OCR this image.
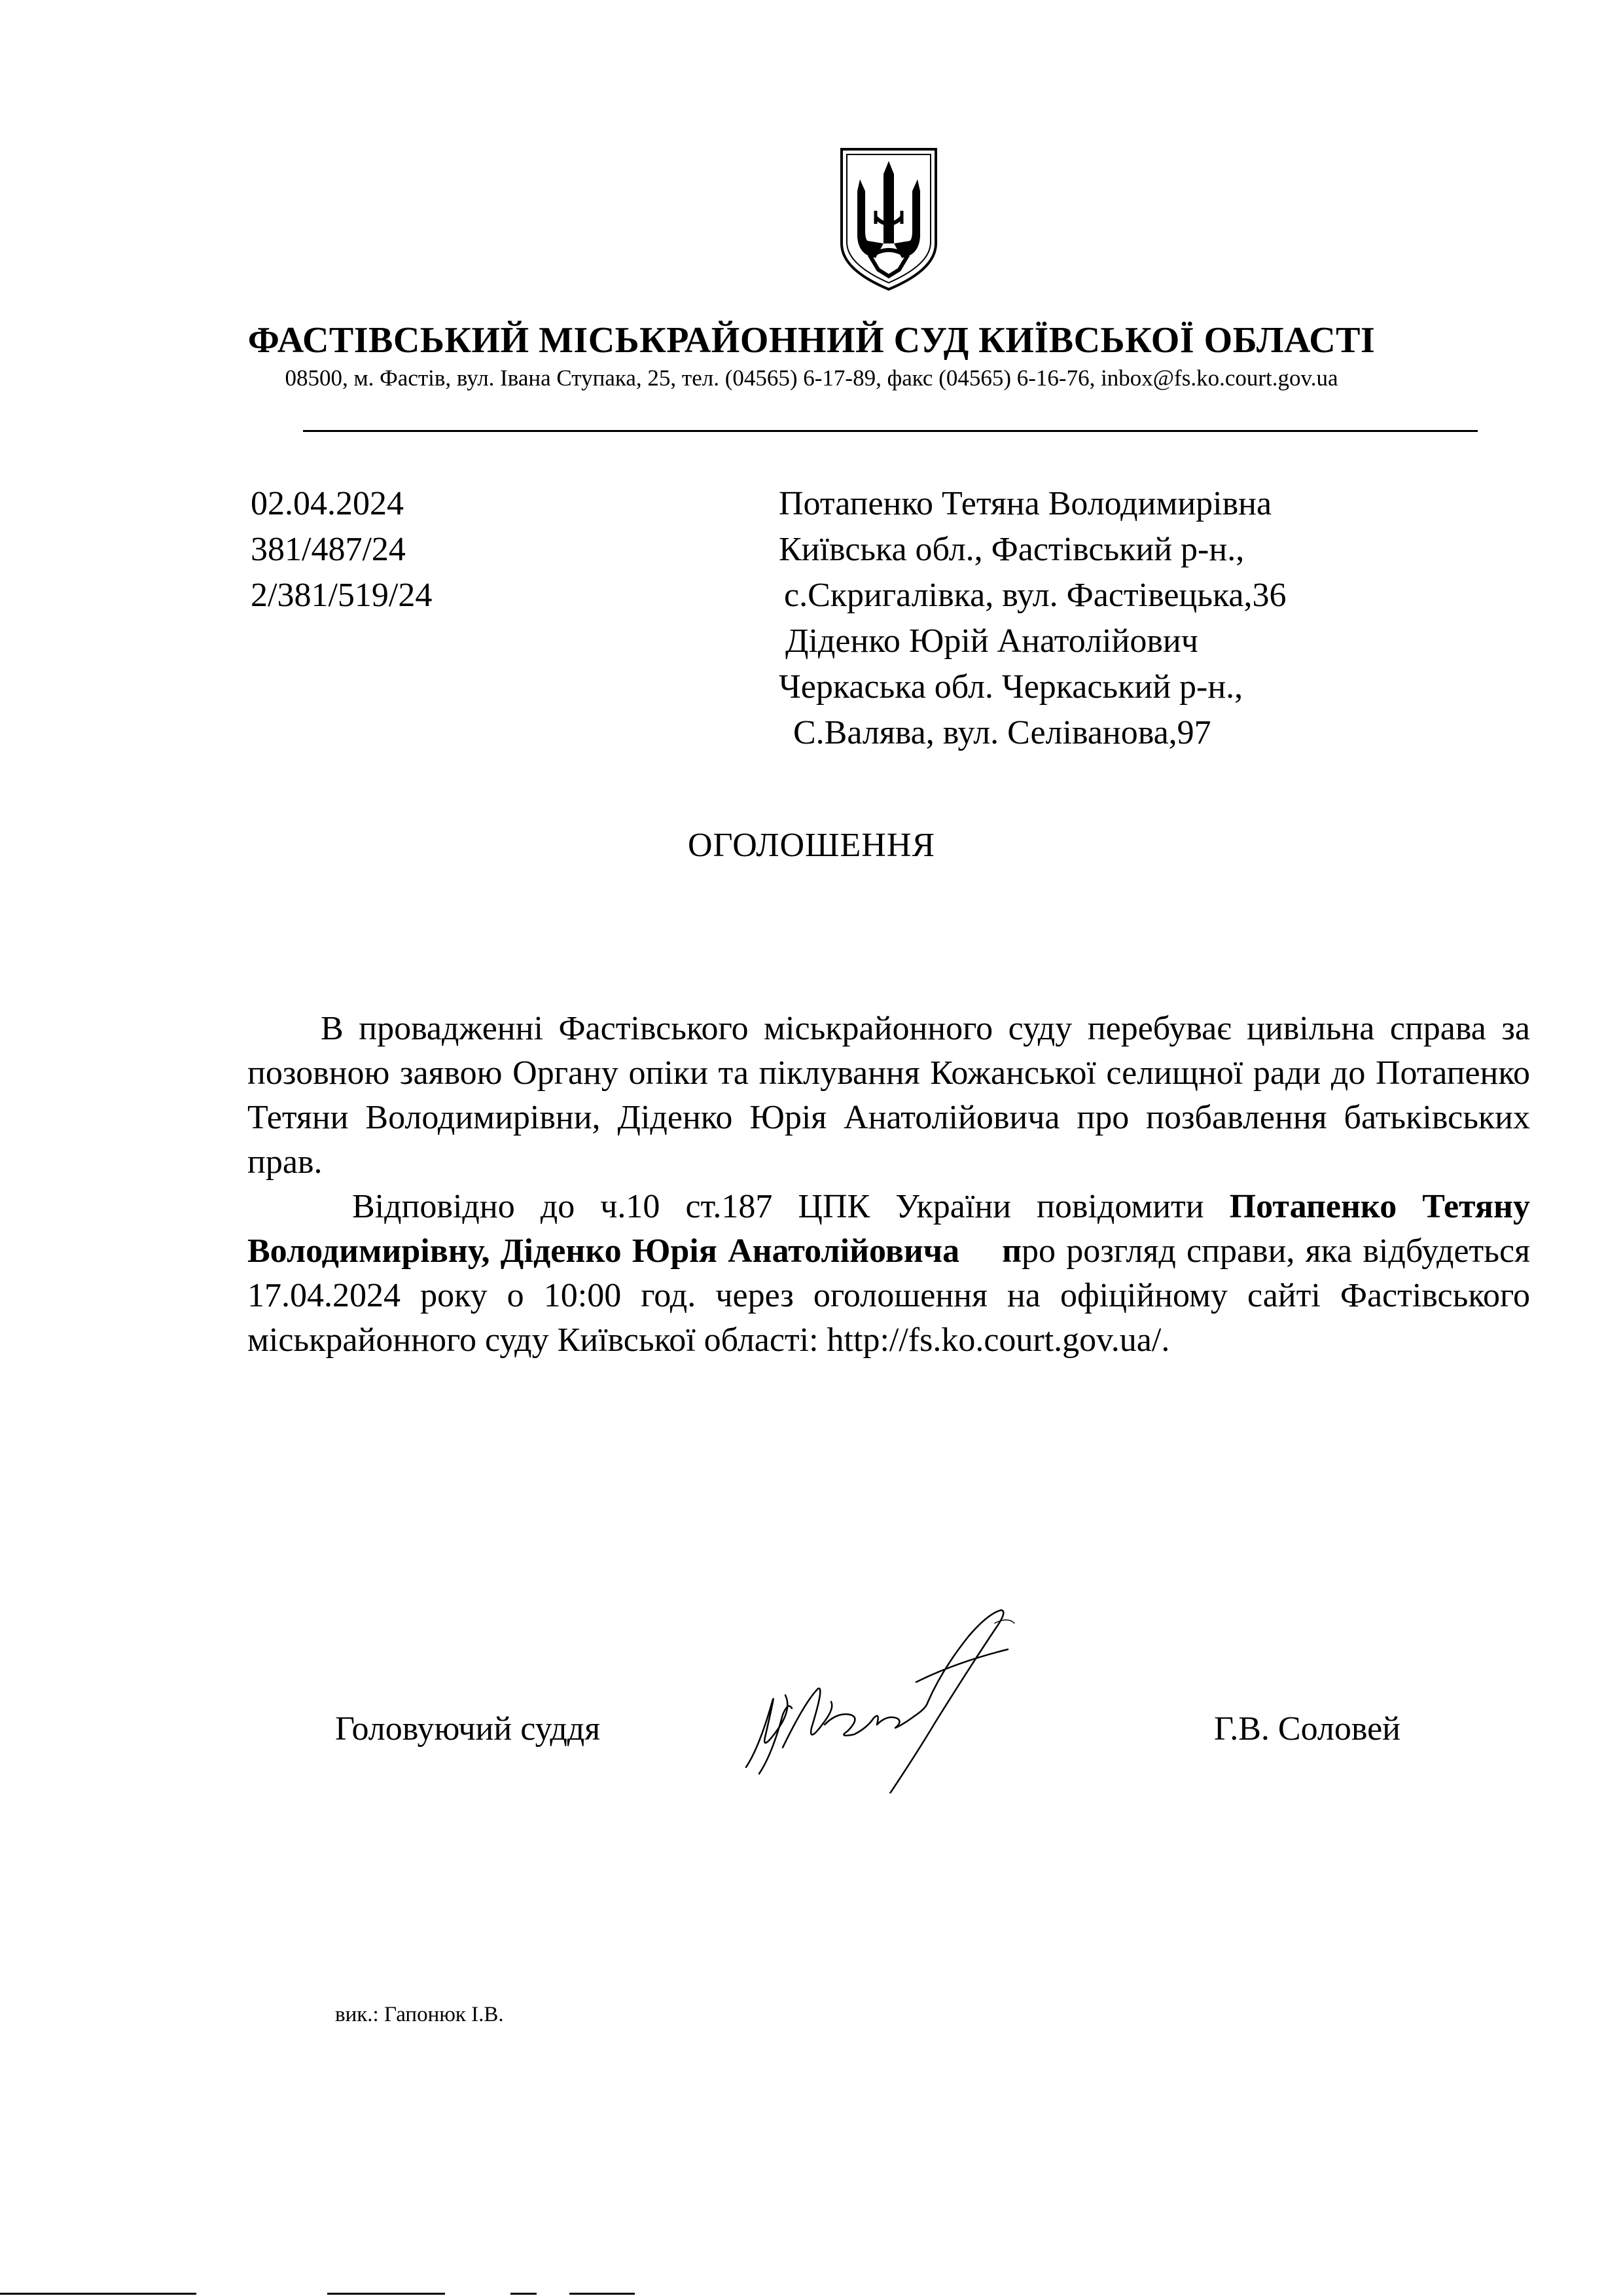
ФАСТІВСЬКИЙ МІСЬКРАЙОННИЙ СУД КИЇВСЬКОЇ ОБЛАСТІ
08500, м. Фастів, вул. Івана Ступака, 25, тел. (04565) 6-17-89, факс (04565) 6-16-76, inbox@fs.ko.court.gov.ua
02.04.2024
381/487/24
2/381/519/24
Потапенко Тетяна Володимирівна
Київська обл., Фастівський р-н.,
с.Скригалівка, вул. Фастівецька,36
Діденко Юрій Анатолійович
Черкаська обл. Черкаський р-н.,
С.Валява, вул. Селіванова,97
ОГОЛОШЕННЯ

В провадженні Фастівського міськрайонного суду перебуває цивільна справа за позовною заявою Органу опіки та піклування Кожанської селищної ради до Потапенко Тетяни Володимирівни, Діденко Юрія Анатолійовича про позбавлення батьківських прав.

Відповідно до ч.10 ст.187 ЦПК України повідомити Потапенко Тетяну Володимирівну, Діденко Юрія Анатолійовича про розгляд справи, яка відбудеться 17.04.2024 року о 10:00 год. через оголошення на офіційному сайті Фастівського міськрайонного суду Київської області: http://fs.ko.court.gov.ua/.

Головуючий суддя	Г.В. Соловей
вик.: Гапонюк І.В.
